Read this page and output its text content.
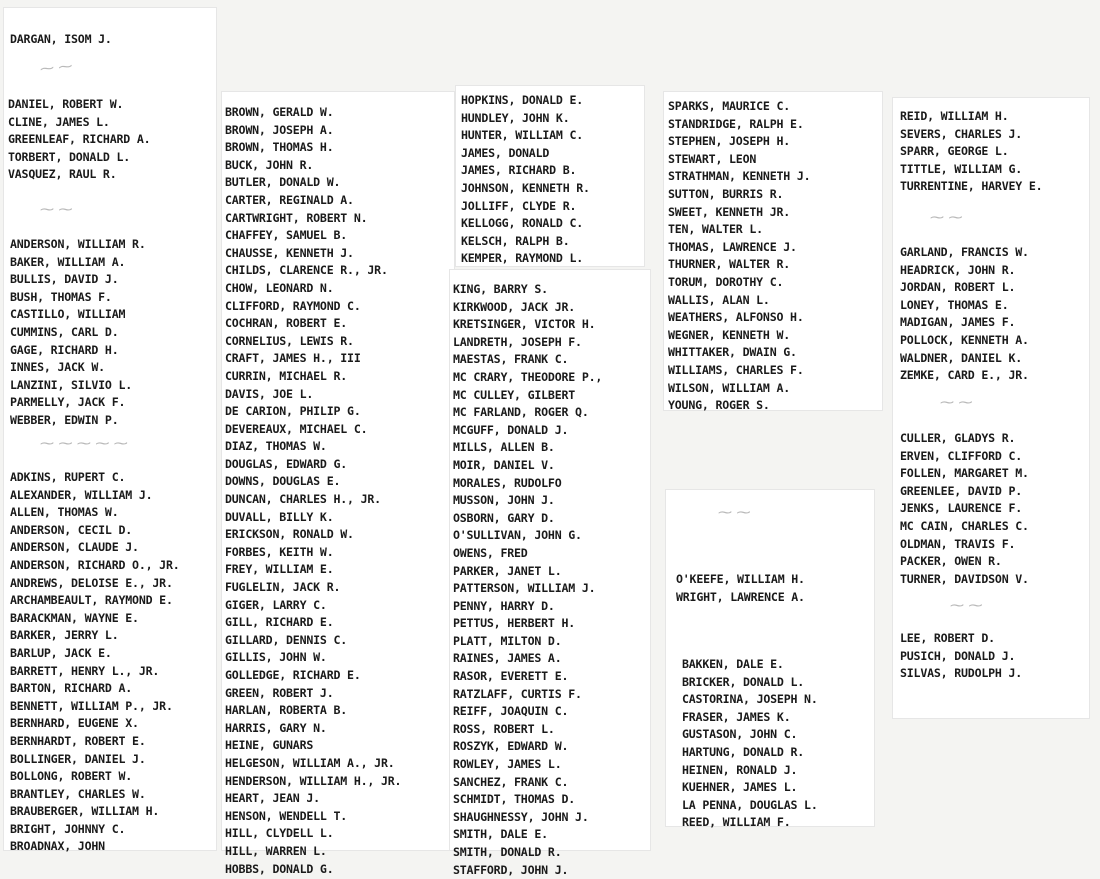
⁓ ⁓
⁓ ⁓
⁓ ⁓ ⁓ ⁓ ⁓
⁓ ⁓
⁓ ⁓
⁓ ⁓
⁓ ⁓
DARGAN, ISOM J.
DANIEL, ROBERT W.
CLINE, JAMES L.
GREENLEAF, RICHARD A.
TORBERT, DONALD L.
VASQUEZ, RAUL R.
ANDERSON, WILLIAM R.
BAKER, WILLIAM A.
BULLIS, DAVID J.
BUSH, THOMAS F.
CASTILLO, WILLIAM
CUMMINS, CARL D.
GAGE, RICHARD H.
INNES, JACK W.
LANZINI, SILVIO L.
PARMELLY, JACK F.
WEBBER, EDWIN P.
ADKINS, RUPERT C.
ALEXANDER, WILLIAM J.
ALLEN, THOMAS W.
ANDERSON, CECIL D.
ANDERSON, CLAUDE J.
ANDERSON, RICHARD O., JR.
ANDREWS, DELOISE E., JR.
ARCHAMBEAULT, RAYMOND E.
BARACKMAN, WAYNE E.
BARKER, JERRY L.
BARLUP, JACK E.
BARRETT, HENRY L., JR.
BARTON, RICHARD A.
BENNETT, WILLIAM P., JR.
BERNHARD, EUGENE X.
BERNHARDT, ROBERT E.
BOLLINGER, DANIEL J.
BOLLONG, ROBERT W.
BRANTLEY, CHARLES W.
BRAUBERGER, WILLIAM H.
BRIGHT, JOHNNY C.
BROADNAX, JOHN
BROWN, GERALD W.
BROWN, JOSEPH A.
BROWN, THOMAS H.
BUCK, JOHN R.
BUTLER, DONALD W.
CARTER, REGINALD A.
CARTWRIGHT, ROBERT N.
CHAFFEY, SAMUEL B.
CHAUSSE, KENNETH J.
CHILDS, CLARENCE R., JR.
CHOW, LEONARD N.
CLIFFORD, RAYMOND C.
COCHRAN, ROBERT E.
CORNELIUS, LEWIS R.
CRAFT, JAMES H., III
CURRIN, MICHAEL R.
DAVIS, JOE L.
DE CARION, PHILIP G.
DEVEREAUX, MICHAEL C.
DIAZ, THOMAS W.
DOUGLAS, EDWARD G.
DOWNS, DOUGLAS E.
DUNCAN, CHARLES H., JR.
DUVALL, BILLY K.
ERICKSON, RONALD W.
FORBES, KEITH W.
FREY, WILLIAM E.
FUGLELIN, JACK R.
GIGER, LARRY C.
GILL, RICHARD E.
GILLARD, DENNIS C.
GILLIS, JOHN W.
GOLLEDGE, RICHARD E.
GREEN, ROBERT J.
HARLAN, ROBERTA B.
HARRIS, GARY N.
HEINE, GUNARS
HELGESON, WILLIAM A., JR.
HENDERSON, WILLIAM H., JR.
HEART, JEAN J.
HENSON, WENDELL T.
HILL, CLYDELL L.
HILL, WARREN L.
HOBBS, DONALD G.
HOPKINS, DONALD E.
HUNDLEY, JOHN K.
HUNTER, WILLIAM C.
JAMES, DONALD
JAMES, RICHARD B.
JOHNSON, KENNETH R.
JOLLIFF, CLYDE R.
KELLOGG, RONALD C.
KELSCH, RALPH B.
KEMPER, RAYMOND L.
KING, BARRY S.
KIRKWOOD, JACK JR.
KRETSINGER, VICTOR H.
LANDRETH, JOSEPH F.
MAESTAS, FRANK C.
MC CRARY, THEODORE P.,
MC CULLEY, GILBERT
MC FARLAND, ROGER Q.
MCGUFF, DONALD J.
MILLS, ALLEN B.
MOIR, DANIEL V.
MORALES, RUDOLFO
MUSSON, JOHN J.
OSBORN, GARY D.
O'SULLIVAN, JOHN G.
OWENS, FRED
PARKER, JANET L.
PATTERSON, WILLIAM J.
PENNY, HARRY D.
PETTUS, HERBERT H.
PLATT, MILTON D.
RAINES, JAMES A.
RASOR, EVERETT E.
RATZLAFF, CURTIS F.
REIFF, JOAQUIN C.
ROSS, ROBERT L.
ROSZYK, EDWARD W.
ROWLEY, JAMES L.
SANCHEZ, FRANK C.
SCHMIDT, THOMAS D.
SHAUGHNESSY, JOHN J.
SMITH, DALE E.
SMITH, DONALD R.
STAFFORD, JOHN J.
SPARKS, MAURICE C.
STANDRIDGE, RALPH E.
STEPHEN, JOSEPH H.
STEWART, LEON
STRATHMAN, KENNETH J.
SUTTON, BURRIS R.
SWEET, KENNETH JR.
TEN, WALTER L.
THOMAS, LAWRENCE J.
THURNER, WALTER R.
TORUM, DOROTHY C.
WALLIS, ALAN L.
WEATHERS, ALFONSO H.
WEGNER, KENNETH W.
WHITTAKER, DWAIN G.
WILLIAMS, CHARLES F.
WILSON, WILLIAM A.
YOUNG, ROGER S.
O'KEEFE, WILLIAM H.
WRIGHT, LAWRENCE A.
BAKKEN, DALE E.
BRICKER, DONALD L.
CASTORINA, JOSEPH N.
FRASER, JAMES K.
GUSTASON, JOHN C.
HARTUNG, DONALD R.
HEINEN, RONALD J.
KUEHNER, JAMES L.
LA PENNA, DOUGLAS L.
REED, WILLIAM F.
REID, WILLIAM H.
SEVERS, CHARLES J.
SPARR, GEORGE L.
TITTLE, WILLIAM G.
TURRENTINE, HARVEY E.
GARLAND, FRANCIS W.
HEADRICK, JOHN R.
JORDAN, ROBERT L.
LONEY, THOMAS E.
MADIGAN, JAMES F.
POLLOCK, KENNETH A.
WALDNER, DANIEL K.
ZEMKE, CARD E., JR.
CULLER, GLADYS R.
ERVEN, CLIFFORD C.
FOLLEN, MARGARET M.
GREENLEE, DAVID P.
JENKS, LAURENCE F.
MC CAIN, CHARLES C.
OLDMAN, TRAVIS F.
PACKER, OWEN R.
TURNER, DAVIDSON V.
LEE, ROBERT D.
PUSICH, DONALD J.
SILVAS, RUDOLPH J.
